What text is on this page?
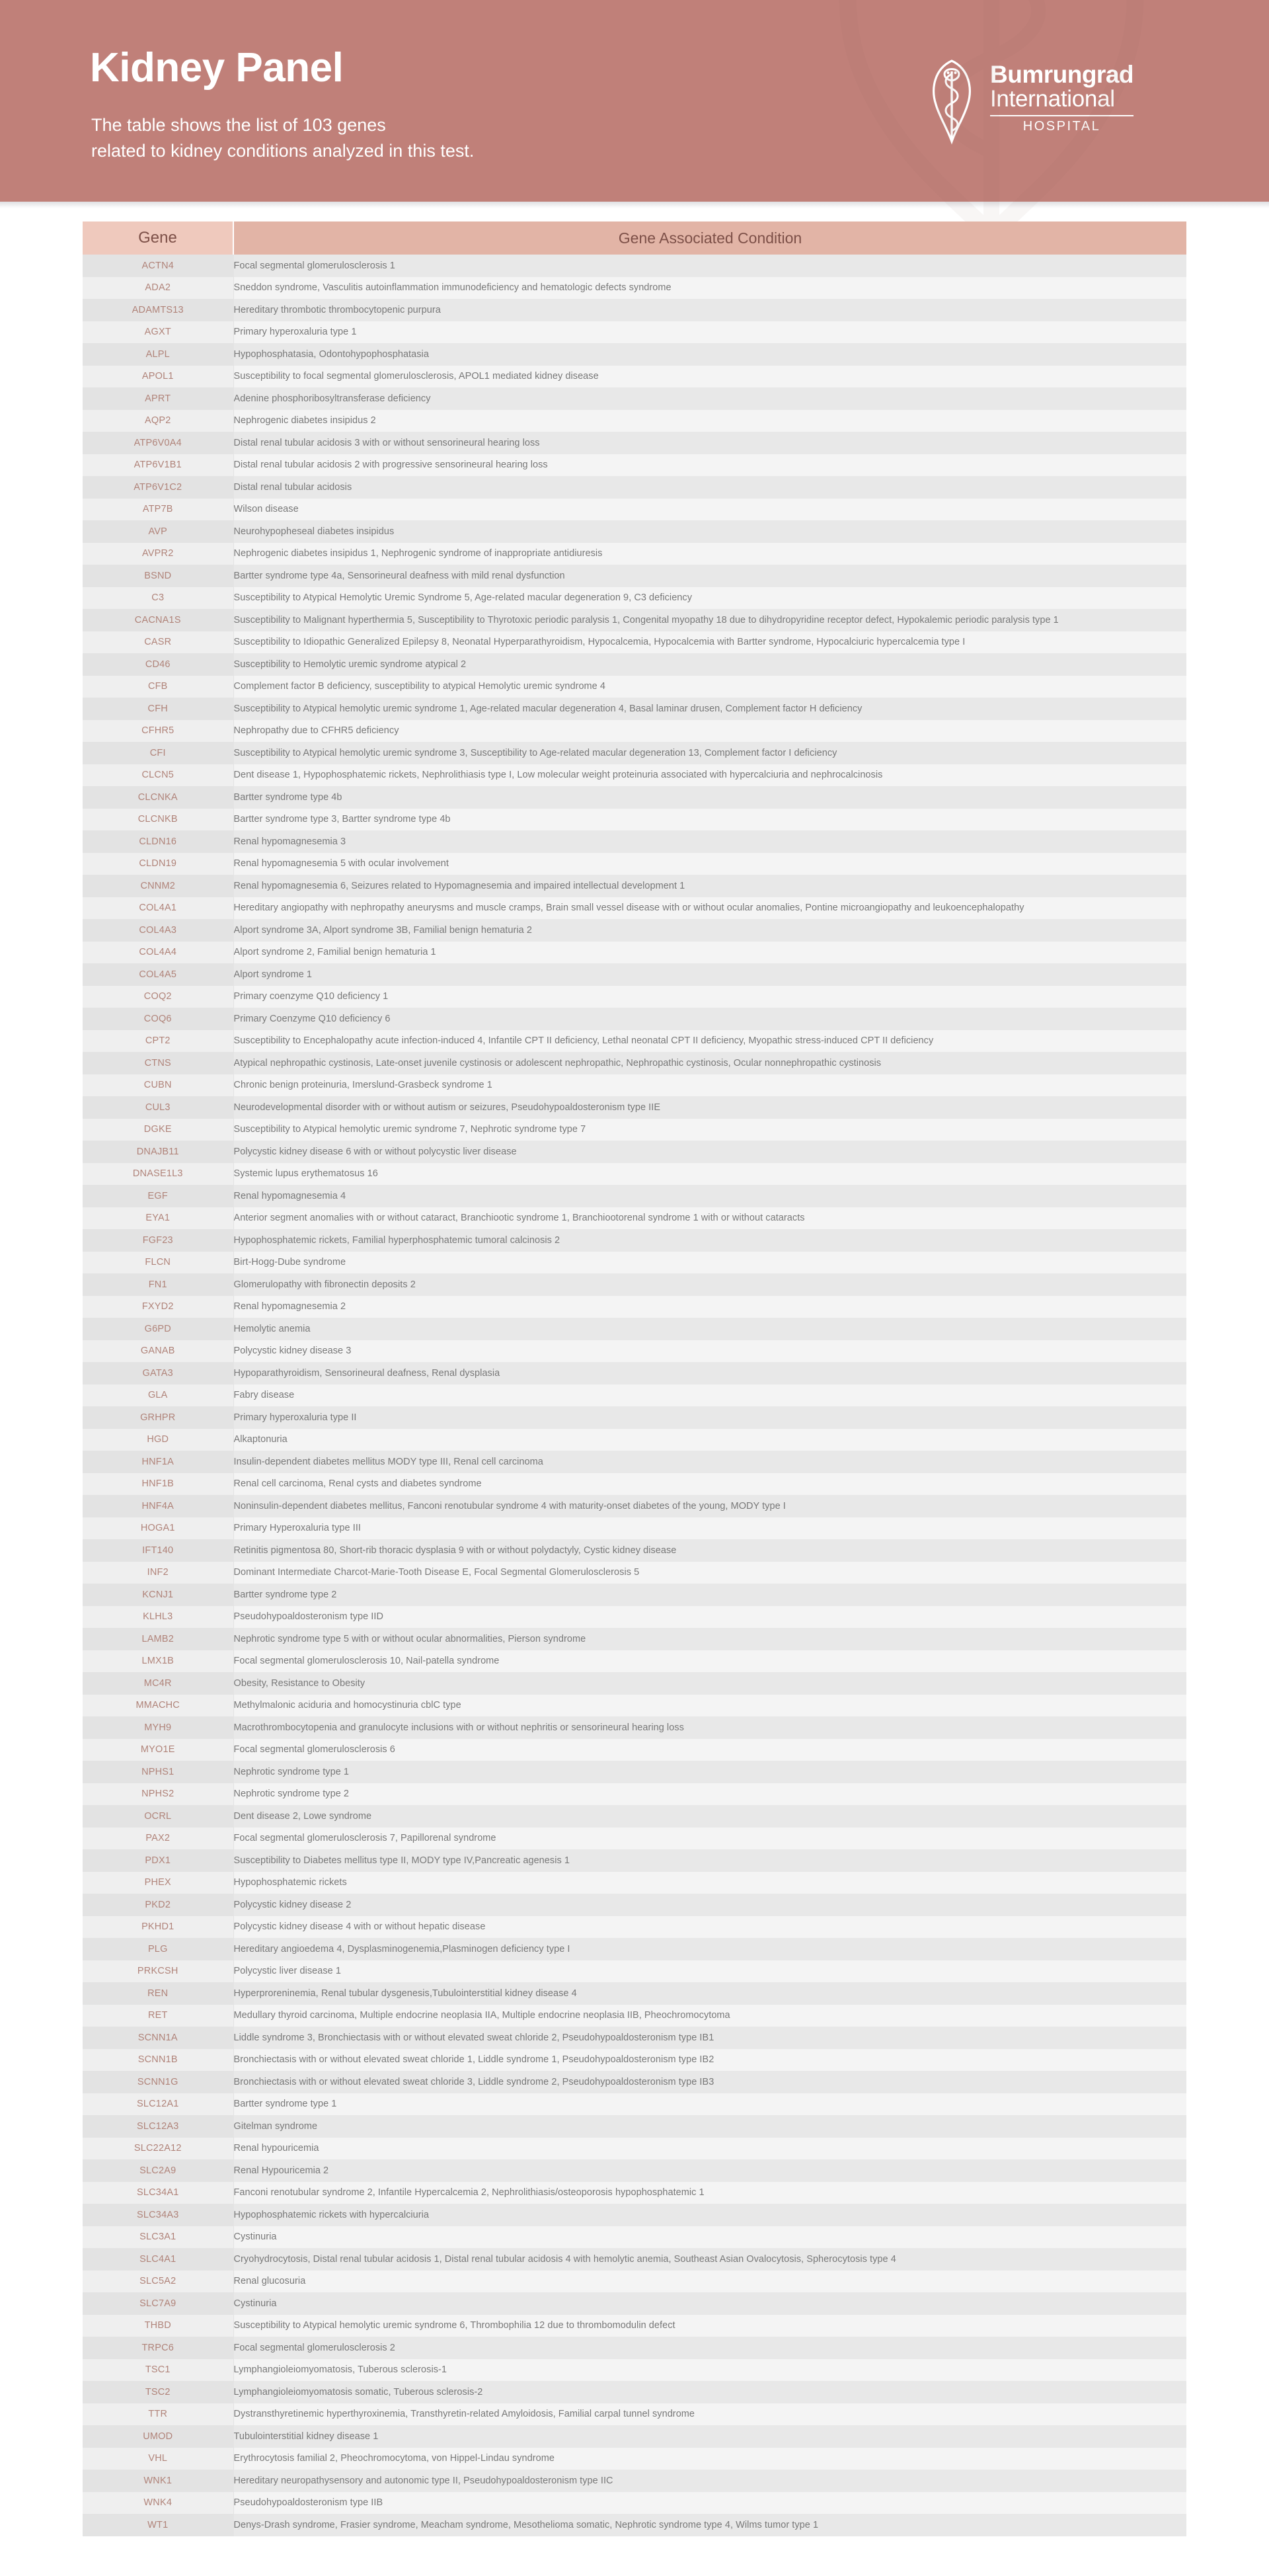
Kidney Panel
The table shows the list of 103 genes
related to kidney conditions analyzed in this test.
Bumrungrad
International
HOSPITAL
Gene	Gene Associated Condition
ACTN4	Focal segmental glomerulosclerosis 1
ADA2	Sneddon syndrome, Vasculitis autoinflammation immunodeficiency and hematologic defects syndrome
ADAMTS13	Hereditary thrombotic thrombocytopenic purpura
AGXT	Primary hyperoxaluria type 1
ALPL	Hypophosphatasia, Odontohypophosphatasia
APOL1	Susceptibility to focal segmental glomerulosclerosis, APOL1 mediated kidney disease
APRT	Adenine phosphoribosyltransferase deficiency
AQP2	Nephrogenic diabetes insipidus 2
ATP6V0A4	Distal renal tubular acidosis 3 with or without sensorineural hearing loss
ATP6V1B1	Distal renal tubular acidosis 2 with progressive sensorineural hearing loss
ATP6V1C2	Distal renal tubular acidosis
ATP7B	Wilson disease
AVP	Neurohypopheseal diabetes insipidus
AVPR2	Nephrogenic diabetes insipidus 1, Nephrogenic syndrome of inappropriate antidiuresis
BSND	Bartter syndrome type 4a, Sensorineural deafness with mild renal dysfunction
C3	Susceptibility to Atypical Hemolytic Uremic Syndrome 5, Age-related macular degeneration 9, C3 deficiency
CACNA1S	Susceptibility to Malignant hyperthermia 5, Susceptibility to Thyrotoxic periodic paralysis 1, Congenital myopathy 18 due to dihydropyridine receptor defect, Hypokalemic periodic paralysis type 1
CASR	Susceptibility to Idiopathic Generalized Epilepsy 8, Neonatal Hyperparathyroidism, Hypocalcemia, Hypocalcemia with Bartter syndrome, Hypocalciuric hypercalcemia type I
CD46	Susceptibility to Hemolytic uremic syndrome atypical 2
CFB	Complement factor B deficiency, susceptibility to atypical Hemolytic uremic syndrome 4
CFH	Susceptibility to Atypical hemolytic uremic syndrome 1, Age-related macular degeneration 4, Basal laminar drusen, Complement factor H deficiency
CFHR5	Nephropathy due to CFHR5 deficiency
CFI	Susceptibility to Atypical hemolytic uremic syndrome 3, Susceptibility to Age-related macular degeneration 13, Complement factor I deficiency
CLCN5	Dent disease 1, Hypophosphatemic rickets, Nephrolithiasis type I, Low molecular weight proteinuria associated with hypercalciuria and nephrocalcinosis
CLCNKA	Bartter syndrome type 4b
CLCNKB	Bartter syndrome type 3, Bartter syndrome type 4b
CLDN16	Renal hypomagnesemia 3
CLDN19	Renal hypomagnesemia 5 with ocular involvement
CNNM2	Renal hypomagnesemia 6, Seizures related to Hypomagnesemia and impaired intellectual development 1
COL4A1	Hereditary angiopathy with nephropathy aneurysms and muscle cramps, Brain small vessel disease with or without ocular anomalies, Pontine microangiopathy and leukoencephalopathy
COL4A3	Alport syndrome 3A, Alport syndrome 3B, Familial benign hematuria 2
COL4A4	Alport syndrome 2, Familial benign hematuria 1
COL4A5	Alport syndrome 1
COQ2	Primary coenzyme Q10 deficiency 1
COQ6	Primary Coenzyme Q10 deficiency 6
CPT2	Susceptibility to Encephalopathy acute infection-induced 4, Infantile CPT II deficiency, Lethal neonatal CPT II deficiency, Myopathic stress-induced CPT II deficiency
CTNS	Atypical nephropathic cystinosis, Late-onset juvenile cystinosis or adolescent nephropathic, Nephropathic cystinosis, Ocular nonnephropathic cystinosis
CUBN	Chronic benign proteinuria, Imerslund-Grasbeck syndrome 1
CUL3	Neurodevelopmental disorder with or without autism or seizures, Pseudohypoaldosteronism type IIE
DGKE	Susceptibility to Atypical hemolytic uremic syndrome 7, Nephrotic syndrome type 7
DNAJB11	Polycystic kidney disease 6 with or without polycystic liver disease
DNASE1L3	Systemic lupus erythematosus 16
EGF	Renal hypomagnesemia 4
EYA1	Anterior segment anomalies with or without cataract, Branchiootic syndrome 1, Branchiootorenal syndrome 1 with or without cataracts
FGF23	Hypophosphatemic rickets, Familial hyperphosphatemic tumoral calcinosis 2
FLCN	Birt-Hogg-Dube syndrome
FN1	Glomerulopathy with fibronectin deposits 2
FXYD2	Renal hypomagnesemia 2
G6PD	Hemolytic anemia
GANAB	Polycystic kidney disease 3
GATA3	Hypoparathyroidism, Sensorineural deafness, Renal dysplasia
GLA	Fabry disease
GRHPR	Primary hyperoxaluria type II
HGD	Alkaptonuria
HNF1A	Insulin-dependent diabetes mellitus MODY type III, Renal cell carcinoma
HNF1B	Renal cell carcinoma, Renal cysts and diabetes syndrome
HNF4A	Noninsulin-dependent diabetes mellitus, Fanconi renotubular syndrome 4 with maturity-onset diabetes of the young, MODY type I
HOGA1	Primary Hyperoxaluria type III
IFT140	Retinitis pigmentosa 80, Short-rib thoracic dysplasia 9 with or without polydactyly, Cystic kidney disease
INF2	Dominant Intermediate Charcot-Marie-Tooth Disease E, Focal Segmental Glomerulosclerosis 5
KCNJ1	Bartter syndrome type 2
KLHL3	Pseudohypoaldosteronism type IID
LAMB2	Nephrotic syndrome type 5 with or without ocular abnormalities, Pierson syndrome
LMX1B	Focal segmental glomerulosclerosis 10, Nail-patella syndrome
MC4R	Obesity, Resistance to Obesity
MMACHC	Methylmalonic aciduria and homocystinuria cblC type
MYH9	Macrothrombocytopenia and granulocyte inclusions with or without nephritis or sensorineural hearing loss
MYO1E	Focal segmental glomerulosclerosis 6
NPHS1	Nephrotic syndrome type 1
NPHS2	Nephrotic syndrome type 2
OCRL	Dent disease 2, Lowe syndrome
PAX2	Focal segmental glomerulosclerosis 7, Papillorenal syndrome
PDX1	Susceptibility to Diabetes mellitus type II, MODY type IV,Pancreatic agenesis 1
PHEX	Hypophosphatemic rickets
PKD2	Polycystic kidney disease 2
PKHD1	Polycystic kidney disease 4 with or without hepatic disease
PLG	Hereditary angioedema 4, Dysplasminogenemia,Plasminogen deficiency type I
PRKCSH	Polycystic liver disease 1
REN	Hyperproreninemia, Renal tubular dysgenesis,Tubulointerstitial kidney disease 4
RET	Medullary thyroid carcinoma, Multiple endocrine neoplasia IIA, Multiple endocrine neoplasia IIB, Pheochromocytoma
SCNN1A	Liddle syndrome 3, Bronchiectasis with or without elevated sweat chloride 2, Pseudohypoaldosteronism type IB1
SCNN1B	Bronchiectasis with or without elevated sweat chloride 1, Liddle syndrome 1, Pseudohypoaldosteronism type IB2
SCNN1G	Bronchiectasis with or without elevated sweat chloride 3, Liddle syndrome 2, Pseudohypoaldosteronism type IB3
SLC12A1	Bartter syndrome type 1
SLC12A3	Gitelman syndrome
SLC22A12	Renal hypouricemia
SLC2A9	Renal Hypouricemia 2
SLC34A1	Fanconi renotubular syndrome 2, Infantile Hypercalcemia 2, Nephrolithiasis/osteoporosis hypophosphatemic 1
SLC34A3	Hypophosphatemic rickets with hypercalciuria
SLC3A1	Cystinuria
SLC4A1	Cryohydrocytosis, Distal renal tubular acidosis 1, Distal renal tubular acidosis 4 with hemolytic anemia, Southeast Asian Ovalocytosis, Spherocytosis type 4
SLC5A2	Renal glucosuria
SLC7A9	Cystinuria
THBD	Susceptibility to Atypical hemolytic uremic syndrome 6, Thrombophilia 12 due to thrombomodulin defect
TRPC6	Focal segmental glomerulosclerosis 2
TSC1	Lymphangioleiomyomatosis, Tuberous sclerosis-1
TSC2	Lymphangioleiomyomatosis somatic, Tuberous sclerosis-2
TTR	Dystransthyretinemic hyperthyroxinemia, Transthyretin-related Amyloidosis, Familial carpal tunnel syndrome
UMOD	Tubulointerstitial kidney disease 1
VHL	Erythrocytosis familial 2, Pheochromocytoma, von Hippel-Lindau syndrome
WNK1	Hereditary neuropathysensory and autonomic type II, Pseudohypoaldosteronism type IIC
WNK4	Pseudohypoaldosteronism type IIB
WT1	Denys-Drash syndrome, Frasier syndrome, Meacham syndrome, Mesothelioma somatic, Nephrotic syndrome type 4, Wilms tumor type 1
